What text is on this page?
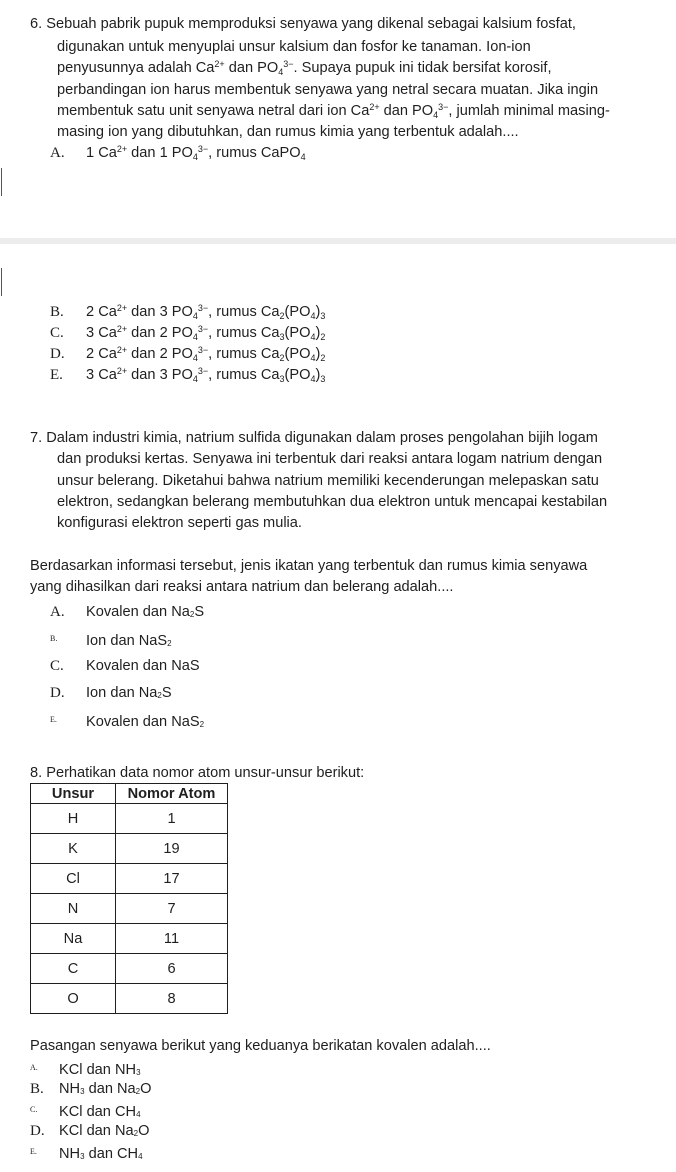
6. Sebuah pabrik pupuk memproduksi senyawa yang dikenal sebagai kalsium fosfat,
digunakan untuk menyuplai unsur kalsium dan fosfor ke tanaman. Ion-ion
penyusunnya adalah $Ca^{2+}$ dan $PO_4^{3-}$. Supaya pupuk ini tidak bersifat korosif,
perbandingan ion harus membentuk senyawa yang netral secara muatan. Jika ingin
membentuk satu unit senyawa netral dari ion $Ca^{2+}$ dan $PO_4^{3-}$, jumlah minimal masing-
masing ion yang dibutuhkan, dan rumus kimia yang terbentuk adalah....
A. 1 $Ca^{2+}$ dan 1 $PO_4^{3-}$, rumus CaPO$_4$
B. 2 $Ca^{2+}$ dan 3 $PO_4^{3-}$, rumus $Ca_2(PO_4)_3$
C. 3 $Ca^{2+}$ dan 2 $PO_4^{3-}$, rumus $Ca_3(PO_4)_2$
D. 2 $Ca^{2+}$ dan 2 $PO_4^{3-}$, rumus $Ca_2(PO_4)_2$
E. 3 $Ca^{2+}$ dan 3 $PO_4^{3-}$, rumus $Ca_3(PO_4)_3$
7. Dalam industri kimia, natrium sulfida digunakan dalam proses pengolahan bijih logam
dan produksi kertas. Senyawa ini terbentuk dari reaksi antara logam natrium dengan
unsur belerang. Diketahui bahwa natrium memiliki kecenderungan melepaskan satu
elektron, sedangkan belerang membutuhkan dua elektron untuk mencapai kestabilan
konfigurasi elektron seperti gas mulia.
Berdasarkan informasi tersebut, jenis ikatan yang terbentuk dan rumus kimia senyawa
yang dihasilkan dari reaksi antara natrium dan belerang adalah....
A. Kovalen dan Na2S
B. Ion dan NaS2
C. Kovalen dan NaS
D. Ion dan Na2S
E. Kovalen dan NaS2
8. Perhatikan data nomor atom unsur-unsur berikut:
Unsur	Nomor Atom
H	1
K	19
Cl	17
N	7
Na	11
C	6
O	8
Pasangan senyawa berikut yang keduanya berikatan kovalen adalah....
A. KCl dan NH3
B. NH3 dan Na2O
C. KCl dan CH4
D. KCl dan Na2O
E. NH3 dan CH4
